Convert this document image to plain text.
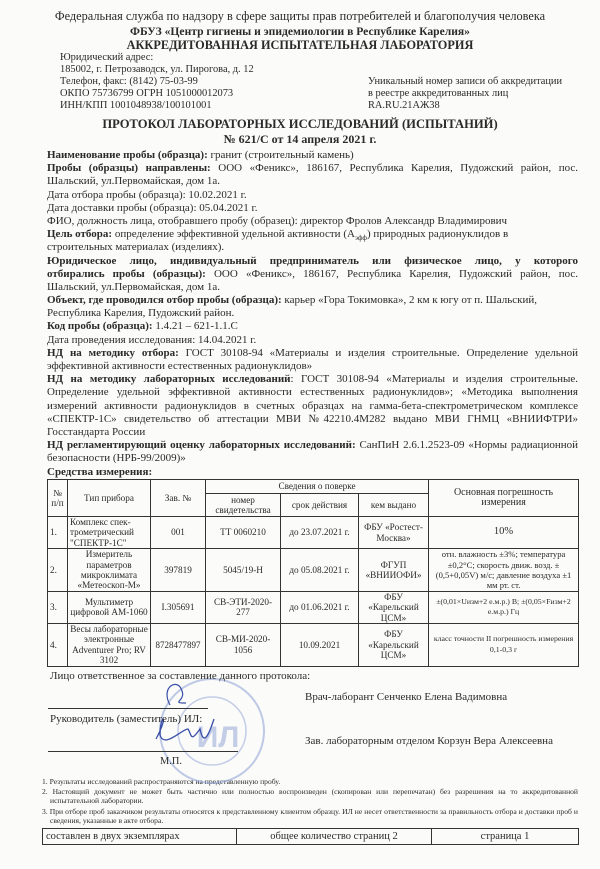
Федеральная служба по надзору в сфере защиты прав потребителей и благополучия человека
ФБУЗ «Центр гигиены и эпидемиологии в Республике Карелия»
АККРЕДИТОВАННАЯ ИСПЫТАТЕЛЬНАЯ ЛАБОРАТОРИЯ
Юридический адрес:
185002, г. Петрозаводск, ул. Пирогова, д. 12
Телефон, факс: (8142) 75-03-99
ОКПО 75736799 ОГРН 1051000012073
ИНН/КПП 1001048938/100101001
Уникальный номер записи об аккредитации
в реестре аккредитованных лиц
RA.RU.21АЖ38
ПРОТОКОЛ ЛАБОРАТОРНЫХ ИССЛЕДОВАНИЙ (ИСПЫТАНИЙ)
№ 621/С от 14 апреля 2021 г.
Наименование пробы (образца): гранит (строительный камень)
Пробы (образцы) направлены: ООО «Феникс», 186167, Республика Карелия, Пудожский район, пос.
Шальский, ул.Первомайская, дом 1а.
Дата отбора пробы (образца): 10.02.2021 г.
Дата доставки пробы (образца): 05.04.2021 г.
ФИО, должность лица, отобравшего пробу (образец): директор Фролов Александр Владимирович
Цель отбора: определение эффективной удельной активности $(А_{эфф})$ природных радионуклидов в
строительных материалах (изделиях).
Юридическое лицо, индивидуальный предприниматель или физическое лицо, у которого
отбирались пробы (образцы): ООО «Феникс», 186167, Республика Карелия, Пудожский район, пос.
Шальский, ул.Первомайская, дом 1а.
Объект, где проводился отбор пробы (образца): карьер «Гора Токимовка», 2 км к югу от п. Шальский,
Республика Карелия, Пудожский район.
Код пробы (образца): 1.4.21 – 621-1.1.С
Дата проведения исследования: 14.04.2021 г.
НД на методику отбора: ГОСТ 30108-94 «Материалы и изделия строительные. Определение удельной
эффективной активности естественных радионуклидов»
НД на методику лабораторных исследований: ГОСТ 30108-94 «Материалы и изделия строительные.
Определение удельной эффективной активности естественных радионуклидов»; «Методика выполнения
измерений активности радионуклидов в счетных образцах на гамма-бета-спектрометрическом комплексе
«СПЕКТР-1С» свидетельство об аттестации МВИ №42210.4М282 выдано МВИ ГНМЦ «ВНИИФТРИ»
Госстандарта России
НД регламентирующий оценку лабораторных исследований: СанПиН 2.6.1.2523-09 «Нормы радиационной
безопасности (НРБ-99/2009)»
Средства измерения:
№ п/п	Тип прибора	Зав. №	Сведения о поверке			Основная погрешность измерения
			номер свидетельства	срок действия	кем выдано	
1.	Комплекс спек-трометрический "СПЕКТР-1С"	001	ТТ 0060210	до 23.07.2021 г.	ФБУ «Ростест-Москва»	10%
2.	Измеритель параметров микроклимата «Метеоскоп-М»	397819	5045/19-Н	до 05.08.2021 г.	ФГУП «ВНИИОФИ»	отн. влажность ±3%; температура ±0,2°С; скорость движ. возд. ±(0,5+0,05V) м/с; давление воздуха ±1 мм рт. ст.
3.	Мультиметр цифровой АМ-1060	I.305691	СВ-ЭТИ-2020-277	до 01.06.2021 г.	ФБУ «Карельский ЦСМ»	±(0,01×Uизм+2 е.м.р.) В; ±(0,05×Fизм+2 е.м.р.) Гц
4.	Весы лабораторные электронные Adventurer Pro; RV 3102	8728477897	СВ-МИ-2020-1056	10.09.2021	ФБУ «Карельский ЦСМ»	класс точности II погрешность измерения 0,1-0,3 г
ИЛ
Лицо ответственное за составление данного протокола:
Врач-лаборант Сенченко Елена Вадимовна
Руководитель (заместитель) ИЛ:
Зав. лабораторным отделом Корзун Вера Алексеевна
М.П.
1. Результаты исследований распространяются на представленную пробу.
2. Настоящий документ не может быть частично или полностью воспроизведен (скопирован или перепечатан) без разрешения на то аккредитованной испытательной лаборатории.
3. При отборе проб заказчиком результаты относятся к представленному клиентом образцу. ИЛ не несет ответственности за правильность отбора и доставки проб и сведения, указанные в акте отбора.
составлен в двух экземплярах	общее количество страниц 2	страница 1
